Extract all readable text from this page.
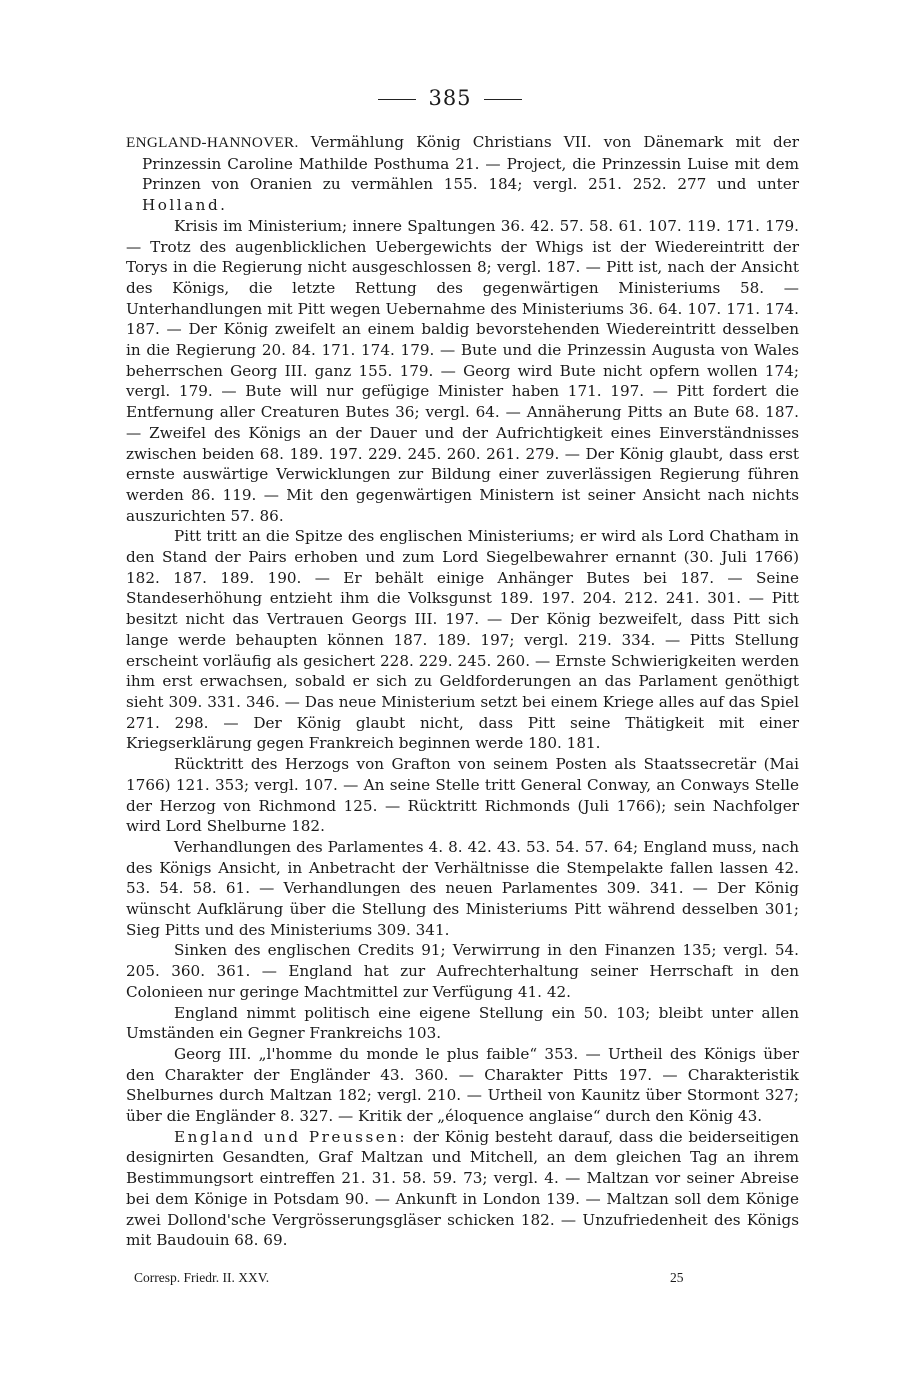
385

ENGLAND-HANNOVER. Vermählung König Christians VII. von Dänemark mit der Prinzessin Caroline Mathilde Posthuma 21. — Project, die Prinzessin Luise mit dem Prinzen von Oranien zu vermählen 155. 184; vergl. 251. 252. 277 und unter Holland.

Krisis im Ministerium; innere Spaltungen 36. 42. 57. 58. 61. 107. 119. 171. 179. — Trotz des augenblicklichen Uebergewichts der Whigs ist der Wiedereintritt der Torys in die Regierung nicht ausgeschlossen 8; vergl. 187. — Pitt ist, nach der Ansicht des Königs, die letzte Rettung des gegenwärtigen Ministeriums 58. — Unterhandlungen mit Pitt wegen Uebernahme des Ministeriums 36. 64. 107. 171. 174. 187. — Der König zweifelt an einem baldig bevorstehenden Wiedereintritt desselben in die Regierung 20. 84. 171. 174. 179. — Bute und die Prinzessin Augusta von Wales beherrschen Georg III. ganz 155. 179. — Georg wird Bute nicht opfern wollen 174; vergl. 179. — Bute will nur gefügige Minister haben 171. 197. — Pitt fordert die Entfernung aller Creaturen Butes 36; vergl. 64. — Annäherung Pitts an Bute 68. 187. — Zweifel des Königs an der Dauer und der Aufrichtigkeit eines Einverständnisses zwischen beiden 68. 189. 197. 229. 245. 260. 261. 279. — Der König glaubt, dass erst ernste auswärtige Verwicklungen zur Bildung einer zuverlässigen Regierung führen werden 86. 119. — Mit den gegenwärtigen Ministern ist seiner Ansicht nach nichts auszurichten 57. 86.

Pitt tritt an die Spitze des englischen Ministeriums; er wird als Lord Chatham in den Stand der Pairs erhoben und zum Lord Siegelbewahrer ernannt (30. Juli 1766) 182. 187. 189. 190. — Er behält einige Anhänger Butes bei 187. — Seine Standeserhöhung entzieht ihm die Volksgunst 189. 197. 204. 212. 241. 301. — Pitt besitzt nicht das Vertrauen Georgs III. 197. — Der König bezweifelt, dass Pitt sich lange werde behaupten können 187. 189. 197; vergl. 219. 334. — Pitts Stellung erscheint vorläufig als gesichert 228. 229. 245. 260. — Ernste Schwierigkeiten werden ihm erst erwachsen, sobald er sich zu Geldforderungen an das Parlament genöthigt sieht 309. 331. 346. — Das neue Ministerium setzt bei einem Kriege alles auf das Spiel 271. 298. — Der König glaubt nicht, dass Pitt seine Thätigkeit mit einer Kriegserklärung gegen Frankreich beginnen werde 180. 181.

Rücktritt des Herzogs von Grafton von seinem Posten als Staatssecretär (Mai 1766) 121. 353; vergl. 107. — An seine Stelle tritt General Conway, an Conways Stelle der Herzog von Richmond 125. — Rücktritt Richmonds (Juli 1766); sein Nachfolger wird Lord Shelburne 182.

Verhandlungen des Parlamentes 4. 8. 42. 43. 53. 54. 57. 64; England muss, nach des Königs Ansicht, in Anbetracht der Verhältnisse die Stempelakte fallen lassen 42. 53. 54. 58. 61. — Verhandlungen des neuen Parlamentes 309. 341. — Der König wünscht Aufklärung über die Stellung des Ministeriums Pitt während desselben 301; Sieg Pitts und des Ministeriums 309. 341.

Sinken des englischen Credits 91; Verwirrung in den Finanzen 135; vergl. 54. 205. 360. 361. — England hat zur Aufrechterhaltung seiner Herrschaft in den Colonieen nur geringe Machtmittel zur Verfügung 41. 42.

England nimmt politisch eine eigene Stellung ein 50. 103; bleibt unter allen Umständen ein Gegner Frankreichs 103.

Georg III. „l'homme du monde le plus faible“ 353. — Urtheil des Königs über den Charakter der Engländer 43. 360. — Charakter Pitts 197. — Charakteristik Shelburnes durch Maltzan 182; vergl. 210. — Urtheil von Kaunitz über Stormont 327; über die Engländer 8. 327. — Kritik der „éloquence anglaise“ durch den König 43.

England und Preussen: der König besteht darauf, dass die beiderseitigen designirten Gesandten, Graf Maltzan und Mitchell, an dem gleichen Tag an ihrem Bestimmungsort eintreffen 21. 31. 58. 59. 73; vergl. 4. — Maltzan vor seiner Abreise bei dem Könige in Potsdam 90. — Ankunft in London 139. — Maltzan soll dem Könige zwei Dollond'sche Vergrösserungsgläser schicken 182. — Unzufriedenheit des Königs mit Baudouin 68. 69.

Corresp. Friedr. II. XXV.	25
